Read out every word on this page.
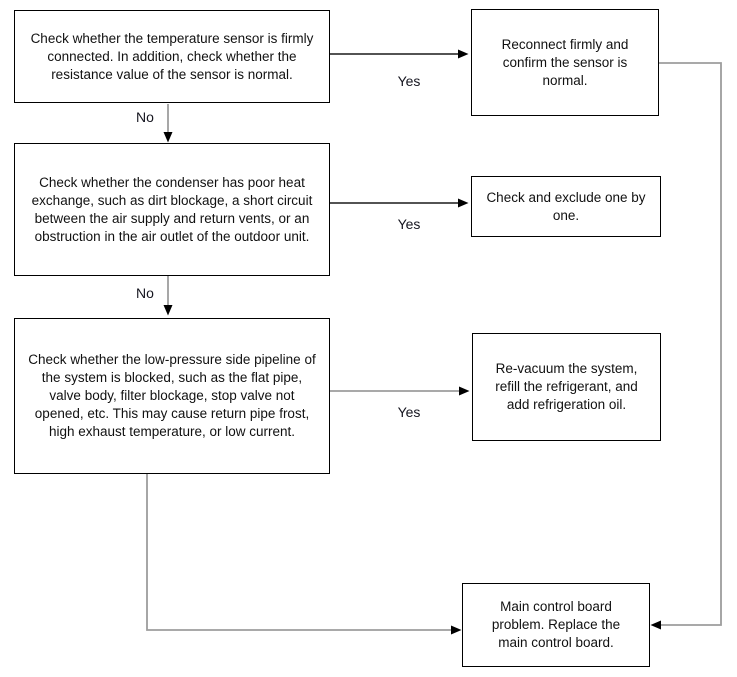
Check whether the temperature sensor is firmly connected. In addition, check whether the resistance value of the sensor is normal.
Reconnect firmly and confirm the sensor is normal.
Check whether the condenser has poor heat exchange, such as dirt blockage, a short circuit between the air supply and return vents, or an obstruction in the air outlet of the outdoor unit.
Check and exclude one by one.
Check whether the low-pressure side pipeline of the system is blocked, such as the flat pipe, valve body, filter blockage, stop valve not opened, etc. This may cause return pipe frost, high exhaust temperature, or low current.
Re-vacuum the system, refill the refrigerant, and add refrigeration oil.
Main control board problem. Replace the main control board.
Yes
Yes
Yes
No
No
